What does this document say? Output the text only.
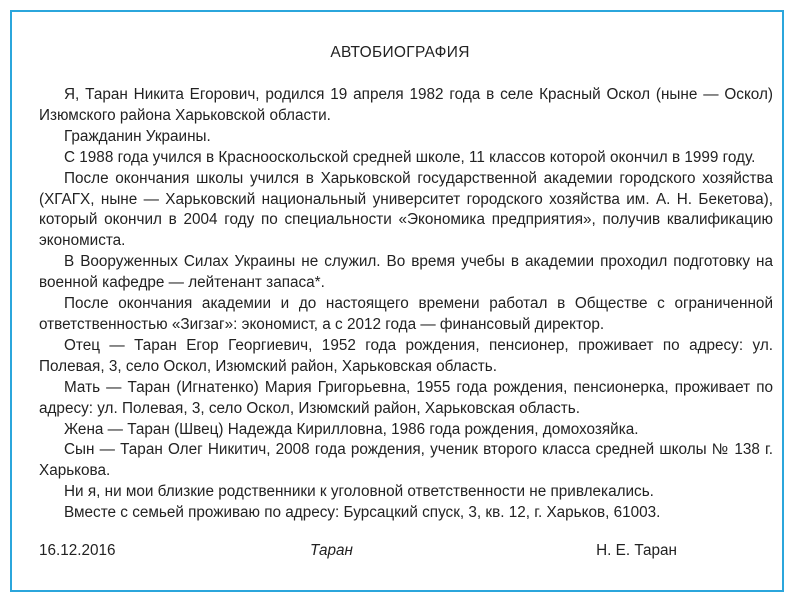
АВТОБИОГРАФИЯ

Я, Таран Никита Егорович, родился 19 апреля 1982 года в селе Красный Оскол (ныне — Оскол) Изюмского района Харьковской области.

Гражданин Украины.

С 1988 года учился в Краснооскольской средней школе, 11 классов которой окончил в 1999 году.

После окончания школы учился в Харьковской государственной академии городского хозяйства (ХГАГХ, ныне — Харьковский национальный университет городского хозяйства им. А. Н. Бекетова), который окончил в 2004 году по специальности «Экономика предприятия», получив квалификацию экономиста.

В Вооруженных Силах Украины не служил. Во время учебы в академии проходил подготовку на военной кафедре — лейтенант запаса*.

После окончания академии и до настоящего времени работал в Обществе с ограниченной ответственностью «Зигзаг»: экономист, а с 2012 года — финансовый директор.

Отец — Таран Егор Георгиевич, 1952 года рождения, пенсионер, проживает по адресу: ул. Полевая, 3, село Оскол, Изюмский район, Харьковская область.

Мать — Таран (Игнатенко) Мария Григорьевна, 1955 года рождения, пенсионерка, проживает по адресу: ул. Полевая, 3, село Оскол, Изюмский район, Харьковская область.

Жена — Таран (Швец) Надежда Кирилловна, 1986 года рождения, домохозяйка.

Сын — Таран Олег Никитич, 2008 года рождения, ученик второго класса средней школы № 138 г. Харькова.

Ни я, ни мои близкие родственники к уголовной ответственности не привлекались.

Вместе с семьей проживаю по адресу: Бурсацкий спуск, 3, кв. 12, г. Харьков, 61003.

16.12.2016	Таран	Н. Е. Таран
